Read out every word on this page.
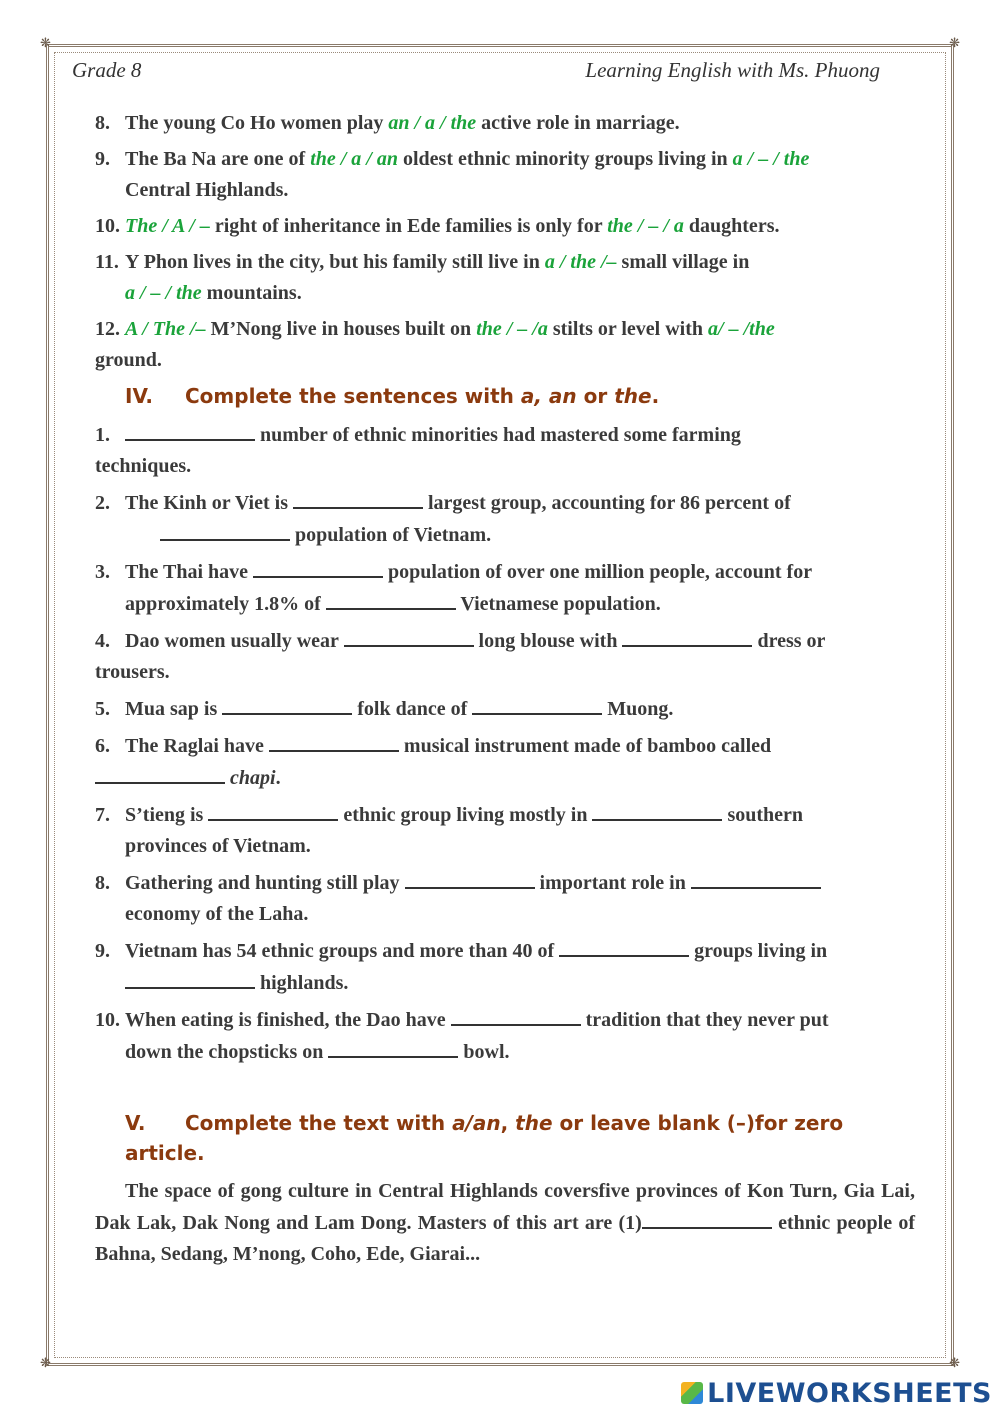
❋	❋
❋	❋
Grade 8	Learning English with Ms. Phuong
8. The young Co Ho women play an / a / the active role in marriage.
9. The Ba Na are one of the / a / an oldest ethnic minority groups living in a / – / the
Central Highlands.
10. The / A / – right of inheritance in Ede families is only for the / – / a daughters.
11. Y Phon lives in the city, but his family still live in a / the /– small village in
a / – / the mountains.
12. A / The /– M’Nong live in houses built on the / – /a stilts or level with a/ – /the
ground.
IV. Complete the sentences with a, an or the.
1.	number of ethnic minorities had mastered some farming
techniques.
2. The Kinh or Viet is	largest group, accounting for 86 percent of
population of Vietnam.
3. The Thai have	population of over one million people, account for
approximately 1.8% of	Vietnamese population.
4. Dao women usually wear	long blouse with	dress or
trousers.
5. Mua sap is	folk dance of	Muong.
6. The Raglai have	musical instrument made of bamboo called
chapi.
7. S’tieng is	ethnic group living mostly in	southern
provinces of Vietnam.
8. Gathering and hunting still play	important role in
economy of the Laha.
9. Vietnam has 54 ethnic groups and more than 40 of	groups living in
highlands.
10. When eating is finished, the Dao have	tradition that they never put
down the chopsticks on	bowl.
V. Complete the text with a/an, the or leave blank (–)for zero article.
The space of gong culture in Central Highlands coversfive provinces of Kon Turn, Gia Lai, Dak Lak, Dak Nong and Lam Dong. Masters of this art are (1)	ethnic people of Bahna, Sedang, M’nong, Coho, Ede, Giarai...
LIVEWORKSHEETS
